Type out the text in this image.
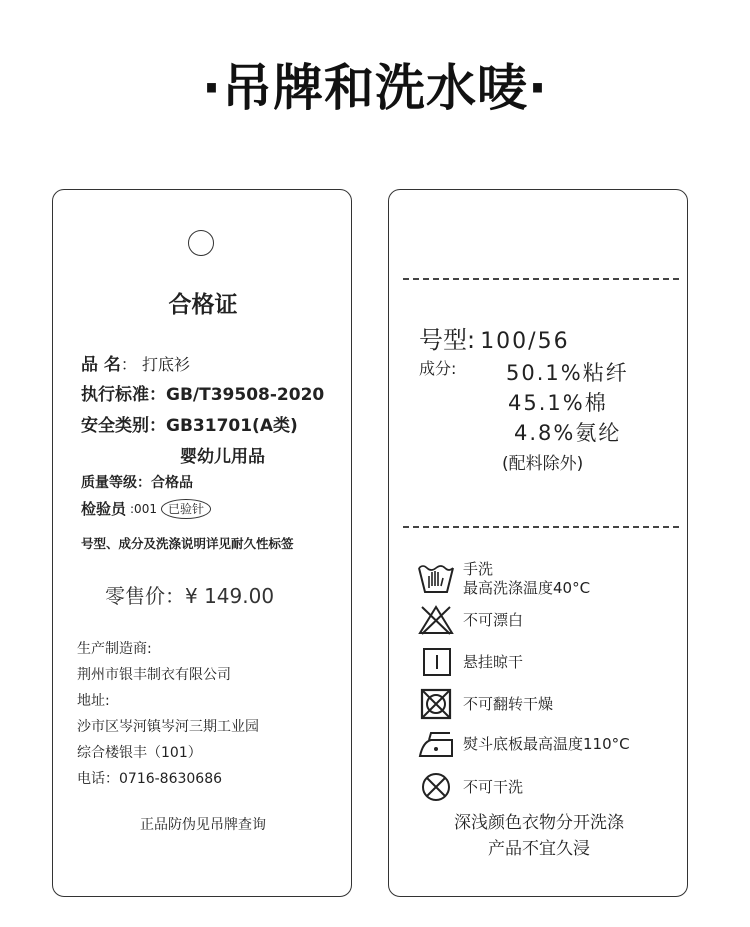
·吊牌和洗水唛·
合格证
品 名： 打底衫
执行标准：GB/T39508-2020
安全类别：GB31701(A类)
婴幼儿用品
质量等级：合格品
检验员 :001 已验针
号型、成分及洗涤说明详见耐久性标签
零售价：¥ 149.00
生产制造商:
荆州市银丰制衣有限公司
地址:
沙市区岑河镇岑河三期工业园
综合楼银丰（101）
电话：0716-8630686
正品防伪见吊牌查询
号型: 100/56
成分: 50.1%粘纤
45.1%棉
4.8%氨纶
(配料除外)
手洗
最高洗涤温度40°C
不可漂白
悬挂晾干
不可翻转干燥
熨斗底板最高温度110°C
不可干洗
深浅颜色衣物分开洗涤
产品不宜久浸
